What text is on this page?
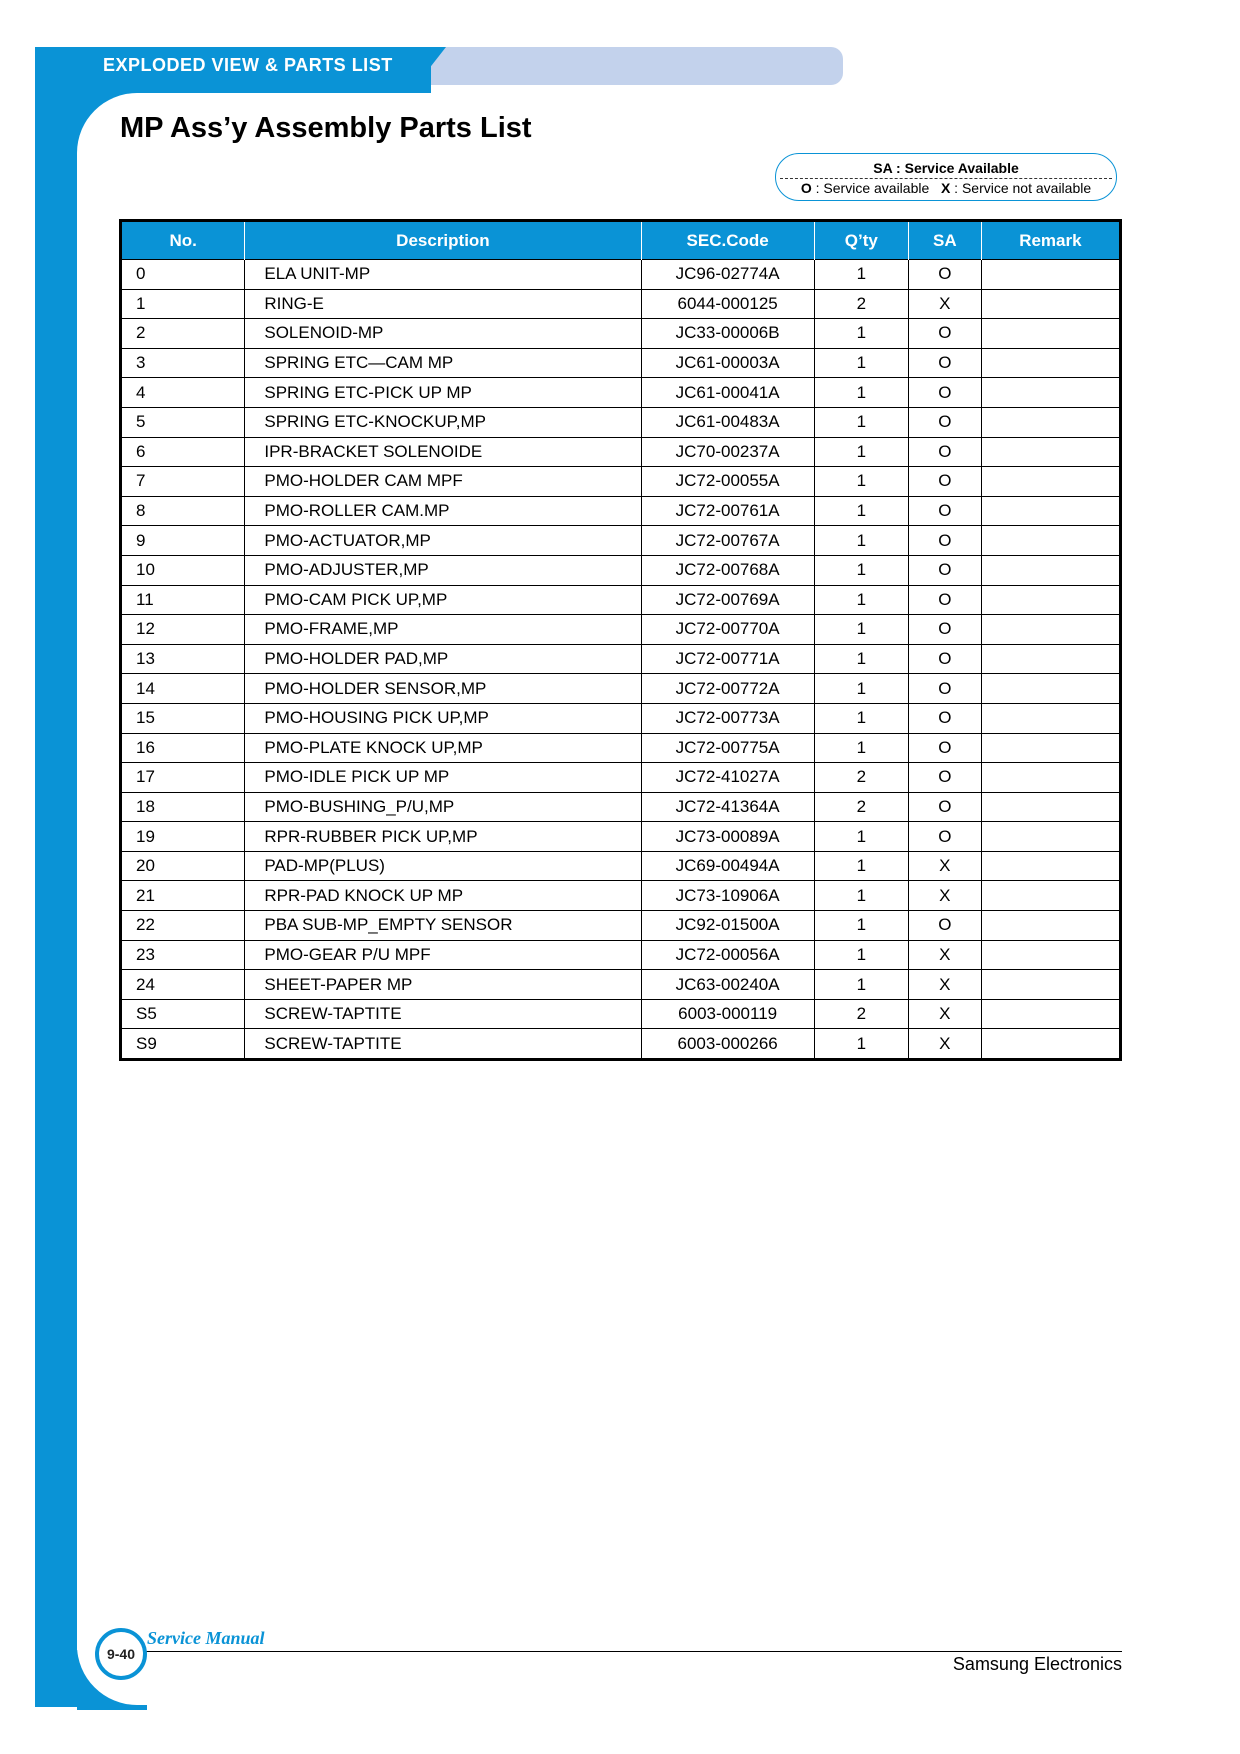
EXPLODED VIEW & PARTS LIST
MP Ass’y Assembly Parts List
SA : Service Available
O : Service available X : Service not available
No.	Description	SEC.Code	Q’ty	SA	Remark
0	ELA UNIT-MP	JC96-02774A	1	O	
1	RING-E	6044-000125	2	X	
2	SOLENOID-MP	JC33-00006B	1	O	
3	SPRING ETC—CAM MP	JC61-00003A	1	O	
4	SPRING ETC-PICK UP MP	JC61-00041A	1	O	
5	SPRING ETC-KNOCKUP,MP	JC61-00483A	1	O	
6	IPR-BRACKET SOLENOIDE	JC70-00237A	1	O	
7	PMO-HOLDER CAM MPF	JC72-00055A	1	O	
8	PMO-ROLLER CAM.MP	JC72-00761A	1	O	
9	PMO-ACTUATOR,MP	JC72-00767A	1	O	
10	PMO-ADJUSTER,MP	JC72-00768A	1	O	
11	PMO-CAM PICK UP,MP	JC72-00769A	1	O	
12	PMO-FRAME,MP	JC72-00770A	1	O	
13	PMO-HOLDER PAD,MP	JC72-00771A	1	O	
14	PMO-HOLDER SENSOR,MP	JC72-00772A	1	O	
15	PMO-HOUSING PICK UP,MP	JC72-00773A	1	O	
16	PMO-PLATE KNOCK UP,MP	JC72-00775A	1	O	
17	PMO-IDLE PICK UP MP	JC72-41027A	2	O	
18	PMO-BUSHING_P/U,MP	JC72-41364A	2	O	
19	RPR-RUBBER PICK UP,MP	JC73-00089A	1	O	
20	PAD-MP(PLUS)	JC69-00494A	1	X	
21	RPR-PAD KNOCK UP MP	JC73-10906A	1	X	
22	PBA SUB-MP_EMPTY SENSOR	JC92-01500A	1	O	
23	PMO-GEAR P/U MPF	JC72-00056A	1	X	
24	SHEET-PAPER MP	JC63-00240A	1	X	
S5	SCREW-TAPTITE	6003-000119	2	X	
S9	SCREW-TAPTITE	6003-000266	1	X	
9-40
Service Manual
Samsung Electronics
